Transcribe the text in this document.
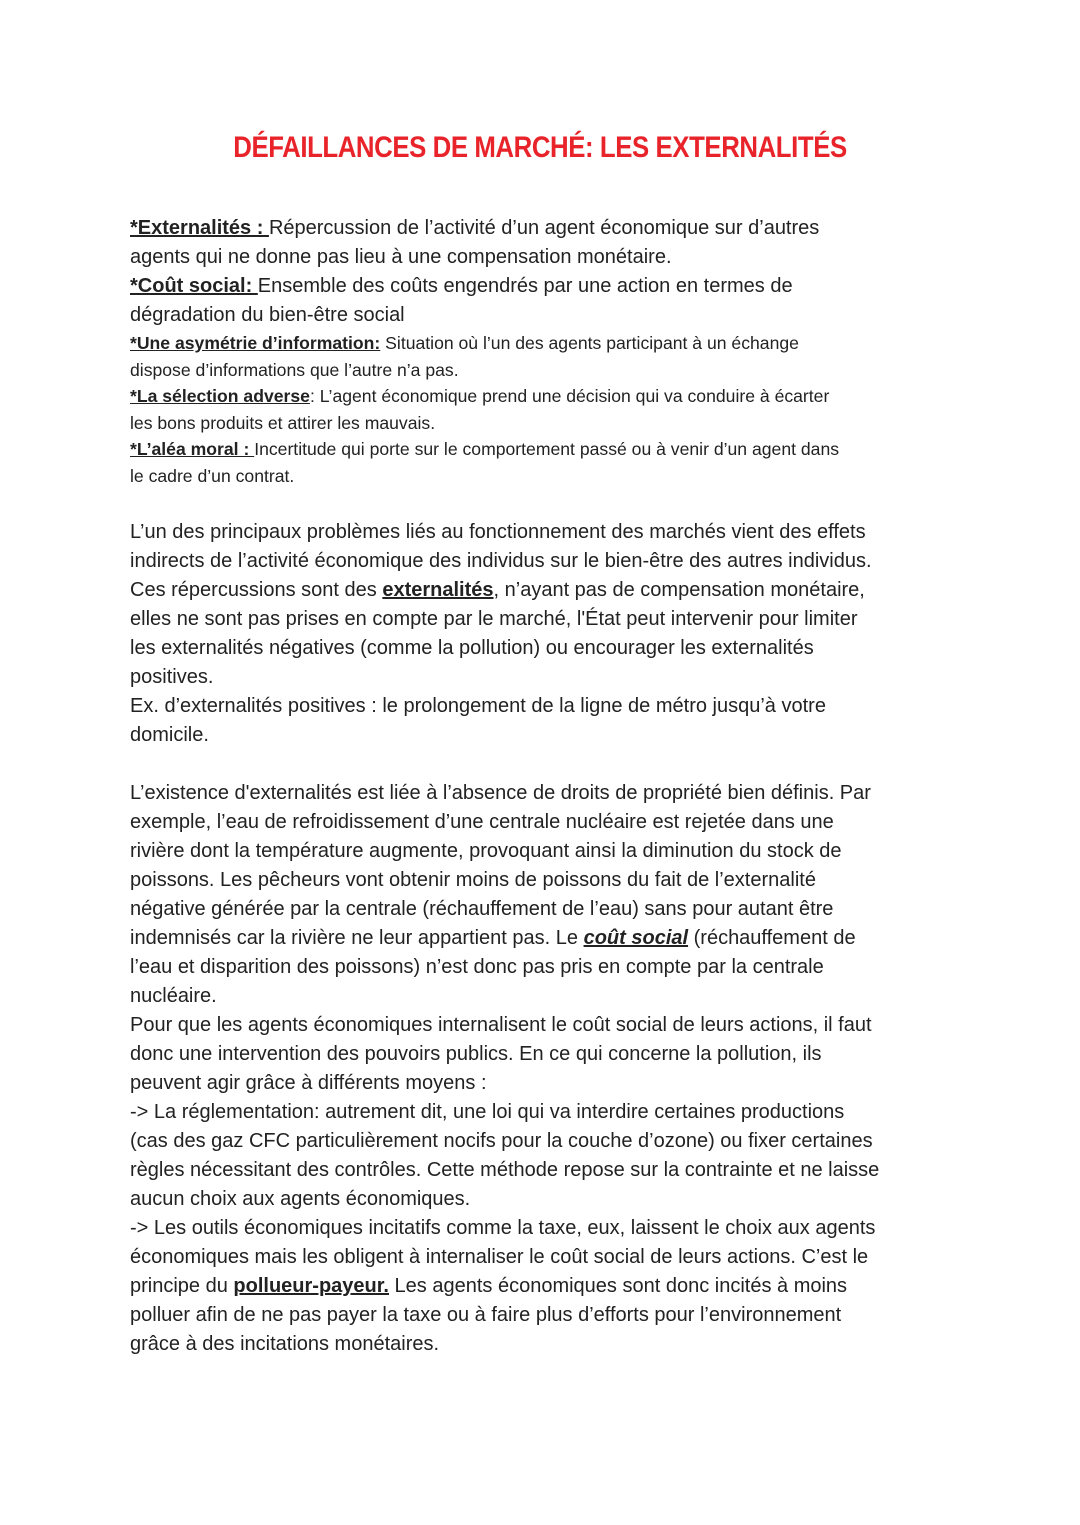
DÉFAILLANCES DE MARCHÉ: LES EXTERNALITÉS
*Externalités : Répercussion de l’activité d’un agent économique sur d’autres
agents qui ne donne pas lieu à une compensation monétaire.
*Coût social: Ensemble des coûts engendrés par une action en termes de
dégradation du bien-être social
*Une asymétrie d’information: Situation où l’un des agents participant à un échange
dispose d’informations que l’autre n’a pas.
*La sélection adverse: L’agent économique prend une décision qui va conduire à écarter
les bons produits et attirer les mauvais.
*L’aléa moral : Incertitude qui porte sur le comportement passé ou à venir d’un agent dans
le cadre d’un contrat.
L’un des principaux problèmes liés au fonctionnement des marchés vient des effets
indirects de l’activité économique des individus sur le bien-être des autres individus.
Ces répercussions sont des externalités, n’ayant pas de compensation monétaire,
elles ne sont pas prises en compte par le marché, l'État peut intervenir pour limiter
les externalités négatives (comme la pollution) ou encourager les externalités
positives.
Ex. d’externalités positives : le prolongement de la ligne de métro jusqu’à votre
domicile.
L’existence d'externalités est liée à l’absence de droits de propriété bien définis. Par
exemple, l’eau de refroidissement d’une centrale nucléaire est rejetée dans une
rivière dont la température augmente, provoquant ainsi la diminution du stock de
poissons. Les pêcheurs vont obtenir moins de poissons du fait de l’externalité
négative générée par la centrale (réchauffement de l’eau) sans pour autant être
indemnisés car la rivière ne leur appartient pas. Le coût social (réchauffement de
l’eau et disparition des poissons) n’est donc pas pris en compte par la centrale
nucléaire.
Pour que les agents économiques internalisent le coût social de leurs actions, il faut
donc une intervention des pouvoirs publics. En ce qui concerne la pollution, ils
peuvent agir grâce à différents moyens :
-> La réglementation: autrement dit, une loi qui va interdire certaines productions
(cas des gaz CFC particulièrement nocifs pour la couche d’ozone) ou fixer certaines
règles nécessitant des contrôles. Cette méthode repose sur la contrainte et ne laisse
aucun choix aux agents économiques.
-> Les outils économiques incitatifs comme la taxe, eux, laissent le choix aux agents
économiques mais les obligent à internaliser le coût social de leurs actions. C’est le
principe du pollueur-payeur. Les agents économiques sont donc incités à moins
polluer afin de ne pas payer la taxe ou à faire plus d’efforts pour l’environnement
grâce à des incitations monétaires.
